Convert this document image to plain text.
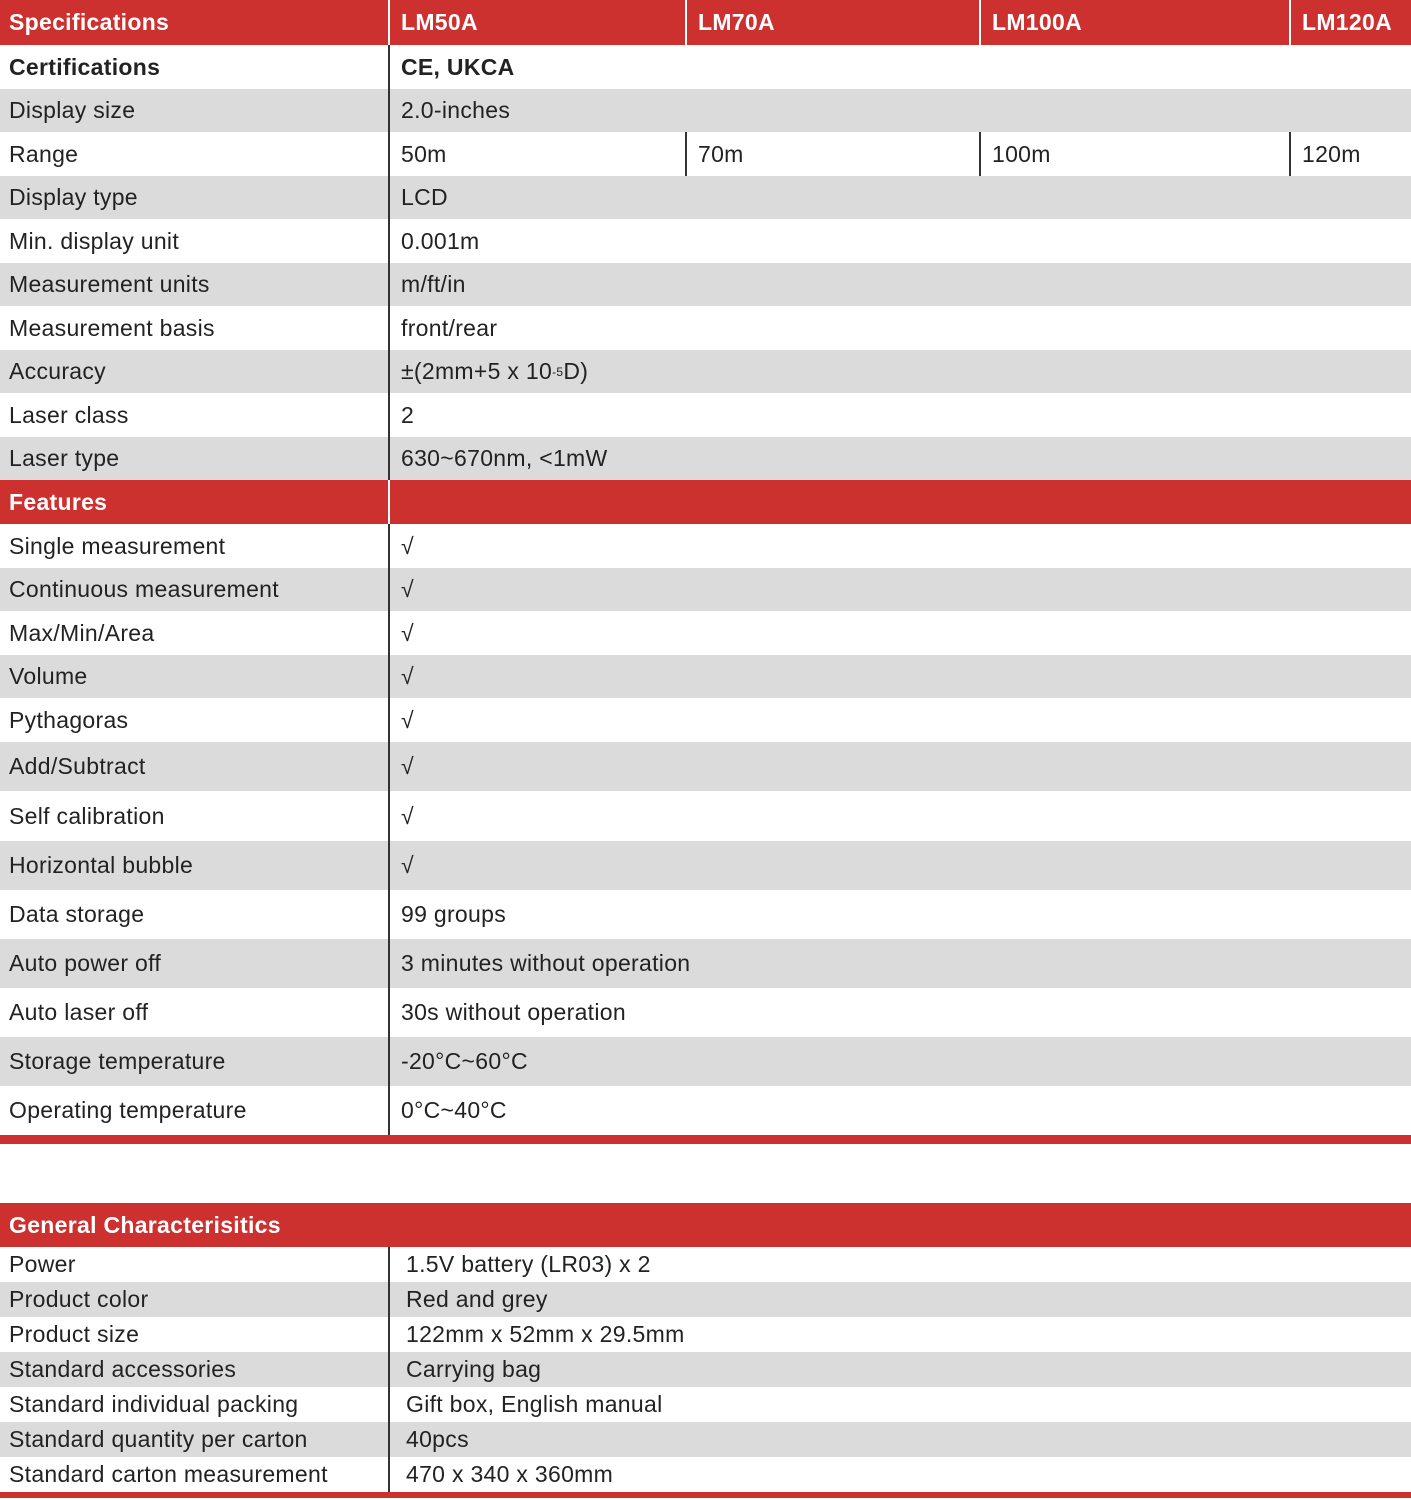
Specifications	LM50A	LM70A	LM100A	LM120A
Certifications	CE, UKCA
Display size	2.0-inches
Range	50m	70m	100m	120m
Display type	LCD
Min. display unit	0.001m
Measurement units	m/ft/in
Measurement basis	front/rear
Accuracy	±(2mm+5 x 10 -5 D)
Laser class	2
Laser type	630~670nm, <1mW
Features
Single measurement	√
Continuous measurement	√
Max/Min/Area	√
Volume	√
Pythagoras	√
Add/Subtract	√
Self calibration	√
Horizontal bubble	√
Data storage	99 groups
Auto power off	3 minutes without operation
Auto laser off	30s without operation
Storage temperature	-20°C~60°C
Operating temperature	0°C~40°C
General Characterisitics
Power	1.5V battery (LR03) x 2
Product color	Red and grey
Product size	122mm x 52mm x 29.5mm
Standard accessories	Carrying bag
Standard individual packing	Gift box, English manual
Standard quantity per carton	40pcs
Standard carton measurement	470 x 340 x 360mm
